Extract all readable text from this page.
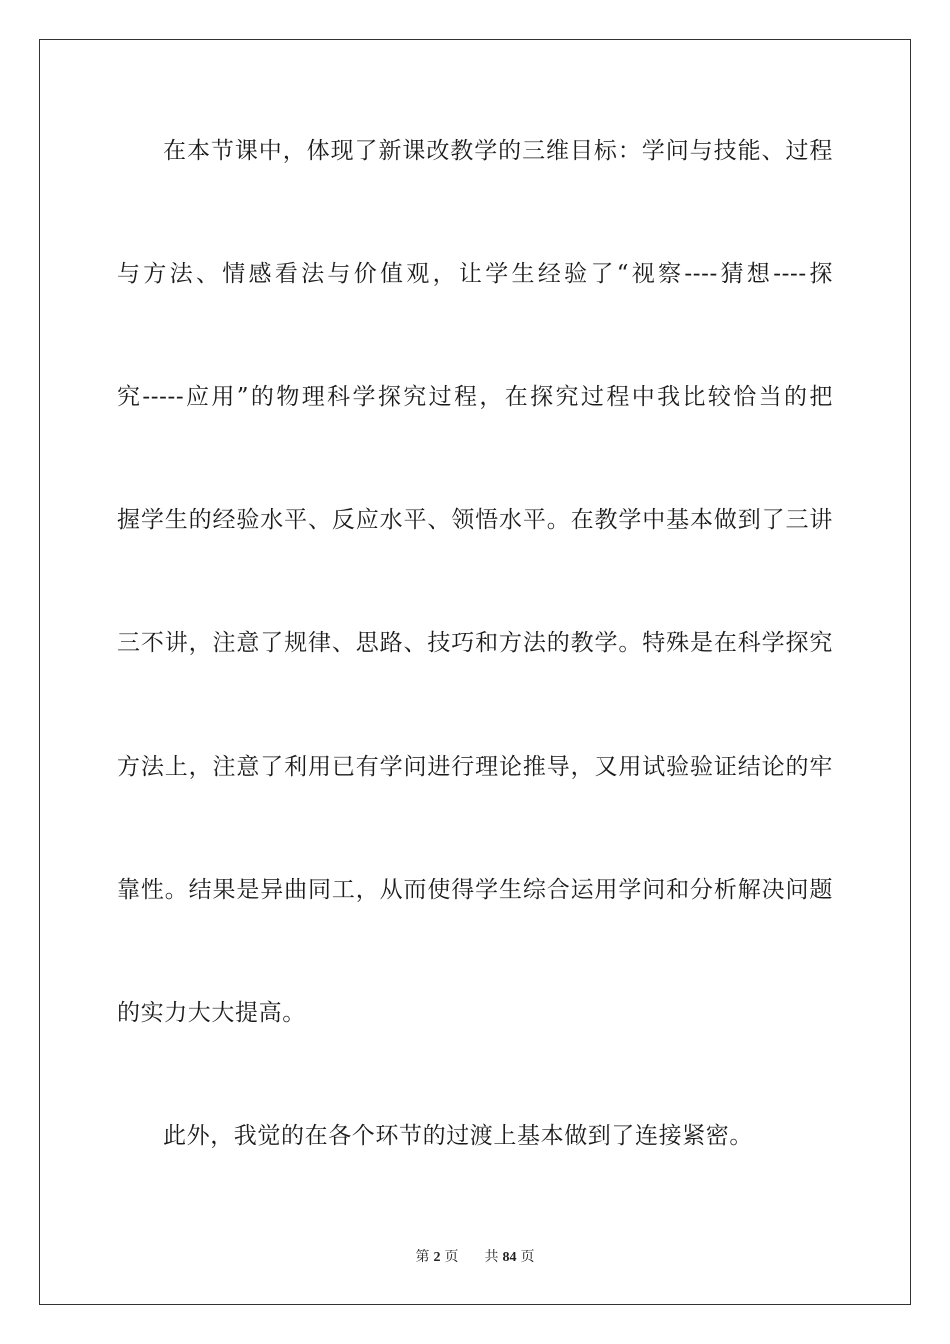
在本节课中，体现了新课改教学的三维目标：学问与技能、过程
与方法、情感看法与价值观，让学生经验了“视察----猜想----探
究-----应用”的物理科学探究过程，在探究过程中我比较恰当的把
握学生的经验水平、反应水平、领悟水平。在教学中基本做到了三讲
三不讲，注意了规律、思路、技巧和方法的教学。特殊是在科学探究
方法上，注意了利用已有学问进行理论推导，又用试验验证结论的牢
靠性。结果是异曲同工，从而使得学生综合运用学问和分析解决问题
的实力大大提高。
此外，我觉的在各个环节的过渡上基本做到了连接紧密。
第 2 页 共 84 页
